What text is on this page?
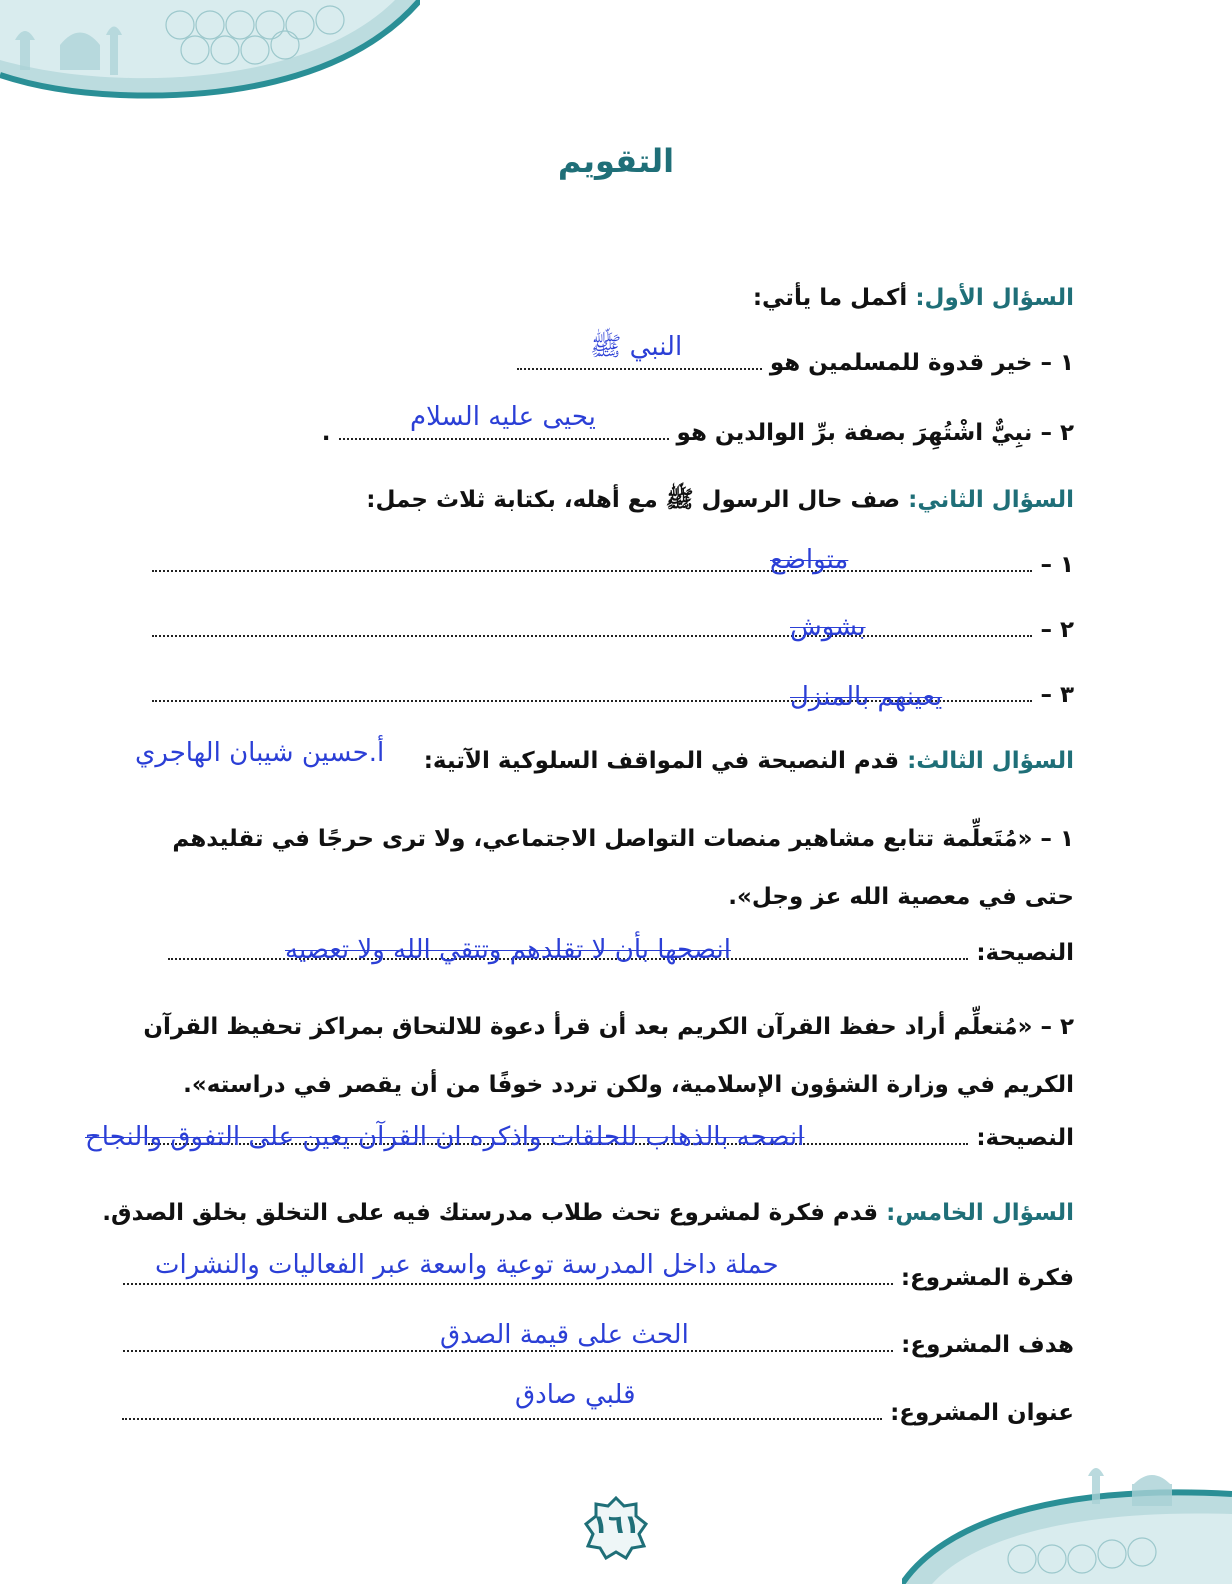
التقويم
السؤال الأول: أكمل ما يأتي:
١ – خير قدوة للمسلمين هو
النبي ﷺ
٢ – نبِيٌّ اشْتُهِرَ بصفة برِّ الوالدين هو  .
يحيى عليه السلام
السؤال الثاني: صف حال الرسول ﷺ مع أهله، بكتابة ثلاث جمل:
١ –
متواضع
٢ –
بشوش
٣ –
يعينهم بالمنزل
السؤال الثالث: قدم النصيحة في المواقف السلوكية الآتية:
أ.حسين شيبان الهاجري
١ – «مُتَعلِّمة تتابع مشاهير منصات التواصل الاجتماعي، ولا ترى حرجًا في تقليدهم حتى في معصية الله عز وجل».
النصيحة:
انصحها بأن لا تقلدهم وتتقي الله ولا تعصيه
٢ – «مُتعلِّم أراد حفظ القرآن الكريم بعد أن قرأ دعوة للالتحاق بمراكز تحفيظ القرآن الكريم في وزارة الشؤون الإسلامية، ولكن تردد خوفًا من أن يقصر في دراسته».
النصيحة:
انصحه بالذهاب للحلقات واذكره ان القرآن يعين على التفوق والنجاح
السؤال الخامس: قدم فكرة لمشروع تحث طلاب مدرستك فيه على التخلق بخلق الصدق.
فكرة المشروع:
حملة داخل المدرسة توعية واسعة عبر الفعاليات والنشرات
هدف المشروع:
الحث على قيمة الصدق
عنوان المشروع:
قلبي صادق
١٦١
